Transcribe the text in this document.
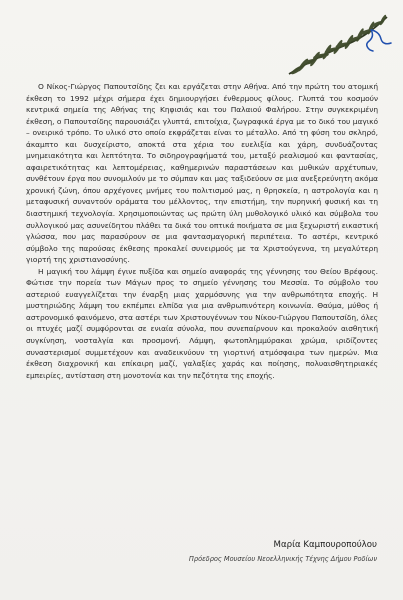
Ο Νίκος-Γιώργος Παπουτσίδης ζει και εργάζεται στην Αθήνα. Από την πρώτη του ατομική έκθεση το 1992 μέχρι σήμερα έχει δημιουργήσει ένθερμους φίλους. Γλυπτά του κοσμούν κεντρικά σημεία της Αθήνας της Κηφισιάς και του Παλαιού Φαλήρου. Στην συγκεκριμένη έκθεση, ο Παπουτσίδης παρουσιάζει γλυπτά, επιτοίχια, ζωγραφικά έργα με το δικό του μαγικό – ονειρικό τρόπο. Το υλικό στο οποίο εκφράζεται είναι το μέταλλο. Από τη φύση του σκληρό, άκαμπτο και δυσχείριστο, αποκτά στα χέρια του ευελιξία και χάρη, συνδυάζοντας μνημειακότητα και λεπτότητα. Το σιδηρογραφήματά του, μεταξύ ρεαλισμού και φαντασίας, αφαιρετικότητας και λεπτομέρειας, καθημερινών παραστάσεων και μυθικών αρχέτυπων, συνθέτουν έργα που συνομιλούν με το σύμπαν και μας ταξιδεύουν σε μια ανεξερεύνητη ακόμα χρονική ζώνη, όπου αρχέγονες μνήμες του πολιτισμού μας, η θρησκεία, η αστρολογία και η μεταφυσική συναντούν οράματα του μέλλοντος, την επιστήμη, την πυρηνική φυσική και τη διαστημική τεχνολογία. Χρησιμοποιώντας ως πρώτη ύλη μυθολογικό υλικό και σύμβολα του συλλογικού μας ασυνείδητου πλάθει τα δικά του οπτικά ποιήματα σε μια ξεχωριστή εικαστική γλώσσα, που μας παρασύρουν σε μια φαντασμαγορική περιπέτεια. Το αστέρι, κεντρικό σύμβολο της παρούσας έκθεσης προκαλεί συνειρμούς με τα Χριστούγεννα, τη μεγαλύτερη γιορτή της χριστιανοσύνης.

Η μαγική του λάμψη έγινε πυξίδα και σημείο αναφοράς της γέννησης του Θείου Βρέφους. Φώτισε την πορεία των Μάγων προς το σημείο γέννησης του Μεσσία. Το σύμβολο του αστεριού ευαγγελίζεται την έναρξη μιας χαρμόσυνης για την ανθρωπότητα εποχής. Η μυστηριώδης λάμψη του εκπέμπει ελπίδα για μια ανθρωπινότερη κοινωνία. Θαύμα, μύθος ή αστρονομικό φαινόμενο, στα αστέρι των Χριστουγέννων του Νίκου-Γιώργου Παπουτσίδη, όλες οι πτυχές μαζί συμφύρονται σε ενιαία σύνολα, που συνεπαίρνουν και προκαλούν αισθητική συγκίνηση, νοσταλγία και προσμονή. Λάμψη, φωτοπλημμύρακαι χρώμα, ιριδίζοντες συναστερισμοί συμμετέχουν και αναδεικνύουν τη γιορτινή ατμόσφαιρα των ημερών. Μια έκθεση διαχρονική και επίκαιρη μαζί, γαλαξίες χαράς και ποίησης, πολυαισθητηριακές εμπειρίες, αντίσταση στη μονοτονία και την πεζότητα της εποχής.

Μαρία Καμπουροπούλου
Πρόεδρος Μουσείου Νεοελληνικής Τέχνης Δήμου Ροδίων
